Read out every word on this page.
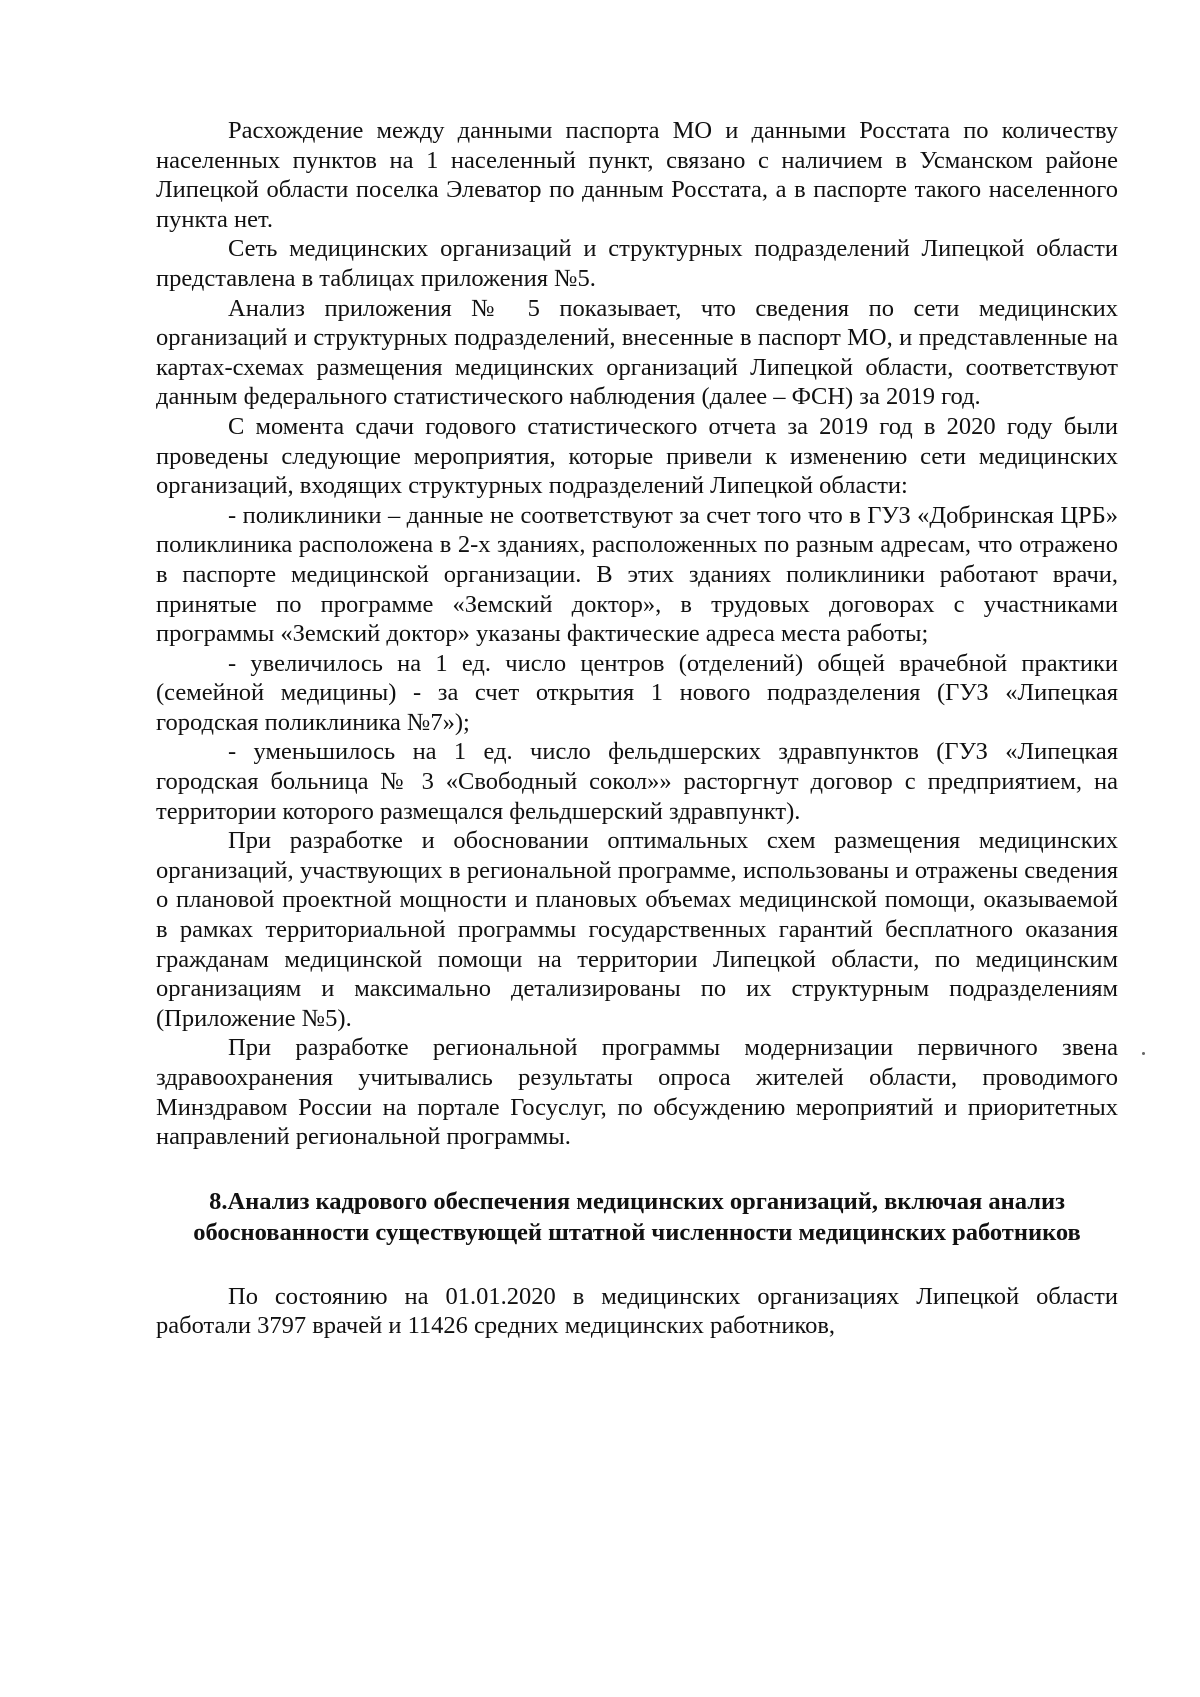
Расхождение между данными паспорта МО и данными Росстата по количеству населенных пунктов на 1 населенный пункт, связано с наличием в Усманском районе Липецкой области поселка Элеватор по данным Росстата, а в паспорте такого населенного пункта нет.

Сеть медицинских организаций и структурных подразделений Липецкой области представлена в таблицах приложения №5.

Анализ приложения № 5 показывает, что сведения по сети медицинских организаций и структурных подразделений, внесенные в паспорт МО, и представленные на картах-схемах размещения медицинских организаций Липецкой области, соответствуют данным федерального статистического наблюдения (далее – ФСН) за 2019 год.

С момента сдачи годового статистического отчета за 2019 год в 2020 году были проведены следующие мероприятия, которые привели к изменению сети медицинских организаций, входящих структурных подразделений Липецкой области:

- поликлиники – данные не соответствуют за счет того что в ГУЗ «Добринская ЦРБ» поликлиника расположена в 2-х зданиях, расположенных по разным адресам, что отражено в паспорте медицинской организации. В этих зданиях поликлиники работают врачи, принятые по программе «Земский доктор», в трудовых договорах с участниками программы «Земский доктор» указаны фактические адреса места работы;

- увеличилось на 1 ед. число центров (отделений) общей врачебной практики (семейной медицины) - за счет открытия 1 нового подразделения (ГУЗ «Липецкая городская поликлиника №7»);

- уменьшилось на 1 ед. число фельдшерских здравпунктов (ГУЗ «Липецкая городская больница № 3 «Свободный сокол»» расторгнут договор с предприятием, на территории которого размещался фельдшерский здравпункт).

При разработке и обосновании оптимальных схем размещения медицинских организаций, участвующих в региональной программе, использованы и отражены сведения о плановой проектной мощности и плановых объемах медицинской помощи, оказываемой в рамках территориальной программы государственных гарантий бесплатного оказания гражданам медицинской помощи на территории Липецкой области, по медицинским организациям и максимально детализированы по их структурным подразделениям (Приложение №5).

При разработке региональной программы модернизации первичного звена здравоохранения учитывались результаты опроса жителей области, проводимого Минздравом России на портале Госуслуг, по обсуждению мероприятий и приоритетных направлений региональной программы.

8.Анализ кадрового обеспечения медицинских организаций, включая анализ обоснованности существующей штатной численности медицинских работников

По состоянию на 01.01.2020 в медицинских организациях Липецкой области работали 3797 врачей и 11426 средних медицинских работников,
